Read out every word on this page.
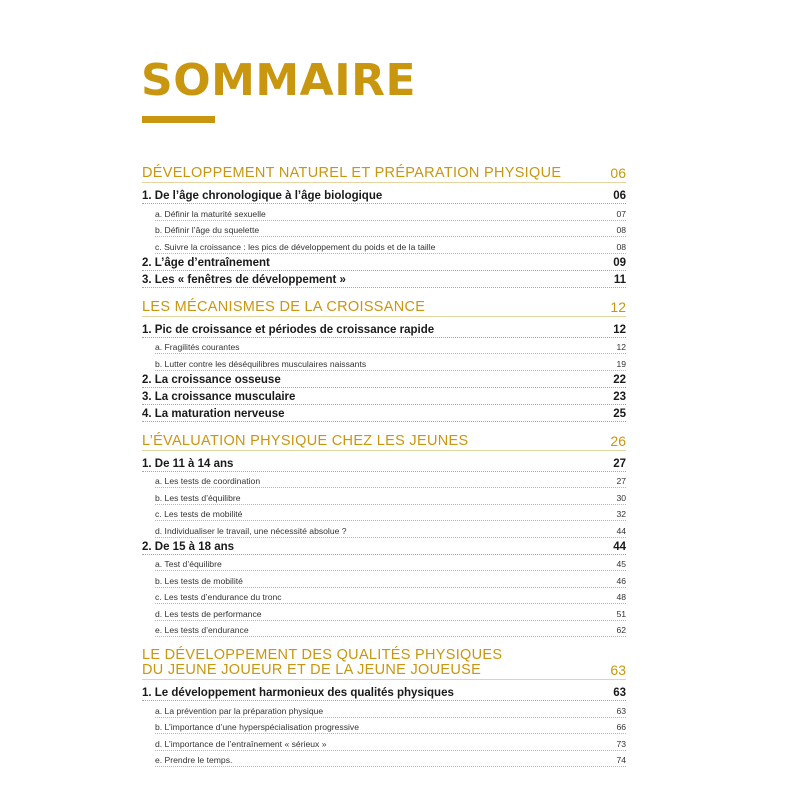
SOMMAIRE
DÉVELOPPEMENT NATUREL ET PRÉPARATION PHYSIQUE	06
1. De l’âge chronologique à l’âge biologique	06
a. Définir la maturité sexuelle	07
b. Définir l’âge du squelette	08
c. Suivre la croissance : les pics de développement du poids et de la taille	08
2. L’âge d’entraînement	09
3. Les « fenêtres de développement »	11
LES MÉCANISMES DE LA CROISSANCE	12
1. Pic de croissance et périodes de croissance rapide	12
a. Fragilités courantes	12
b. Lutter contre les déséquilibres musculaires naissants	19
2. La croissance osseuse	22
3. La croissance musculaire	23
4. La maturation nerveuse	25
L’ÉVALUATION PHYSIQUE CHEZ LES JEUNES	26
1. De 11 à 14 ans	27
a. Les tests de coordination	27
b. Les tests d’équilibre	30
c. Les tests de mobilité	32
d. Individualiser le travail, une nécessité absolue ?	44
2. De 15 à 18 ans	44
a. Test d’équilibre	45
b. Les tests de mobilité	46
c. Les tests d’endurance du tronc	48
d. Les tests de performance	51
e. Les tests d’endurance	62
LE DÉVELOPPEMENT DES QUALITÉS PHYSIQUES
DU JEUNE JOUEUR ET DE LA JEUNE JOUEUSE	63
1. Le développement harmonieux des qualités physiques	63
a. La prévention par la préparation physique	63
b. L’importance d’une hyperspécialisation progressive	66
d. L’importance de l’entraînement « sérieux »	73
e. Prendre le temps.	74
